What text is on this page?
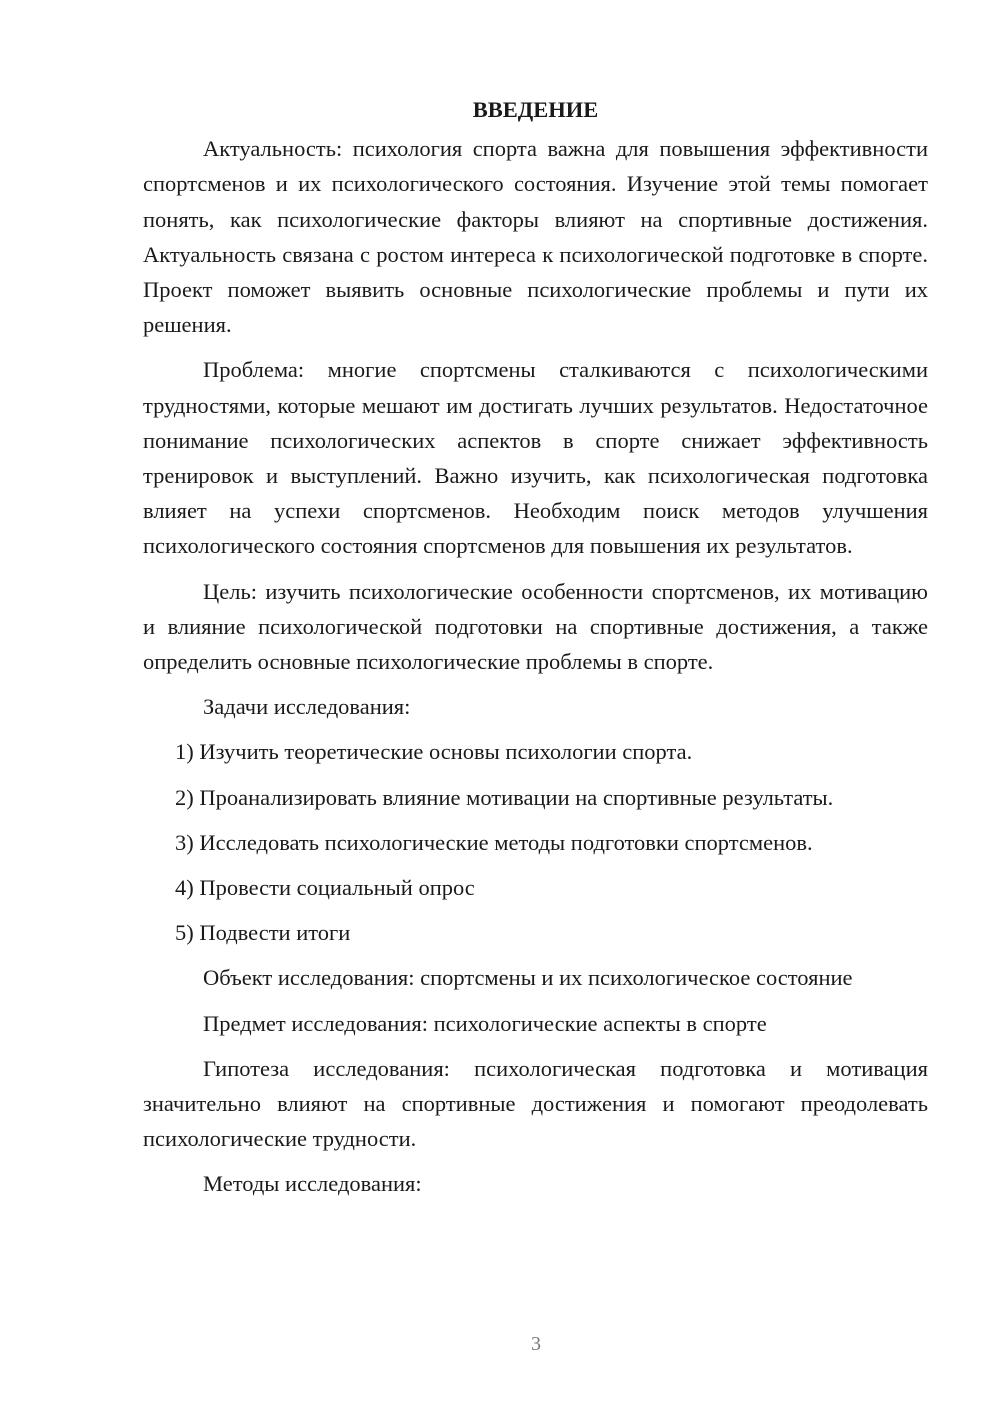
ВВЕДЕНИЕ

Актуальность: психология спорта важна для повышения эффективности спортсменов и их психологического состояния. Изучение этой темы помогает понять, как психологические факторы влияют на спортивные достижения. Актуальность связана с ростом интереса к психологической подготовке в спорте. Проект поможет выявить основные психологические проблемы и пути их решения.

Проблема: многие спортсмены сталкиваются с психологическими трудностями, которые мешают им достигать лучших результатов. Недостаточное понимание психологических аспектов в спорте снижает эффективность тренировок и выступлений. Важно изучить, как психологическая подготовка влияет на успехи спортсменов. Необходим поиск методов улучшения психологического состояния спортсменов для повышения их результатов.

Цель: изучить психологические особенности спортсменов, их мотивацию и влияние психологической подготовки на спортивные достижения, а также определить основные психологические проблемы в спорте.

Задачи исследования:

1) Изучить теоретические основы психологии спорта.

2) Проанализировать влияние мотивации на спортивные результаты.

3) Исследовать психологические методы подготовки спортсменов.

4) Провести социальный опрос

5) Подвести итоги

Объект исследования: спортсмены и их психологическое состояние

Предмет исследования: психологические аспекты в спорте

Гипотеза исследования: психологическая подготовка и мотивация значительно влияют на спортивные достижения и помогают преодолевать психологические трудности.

Методы исследования:

3
